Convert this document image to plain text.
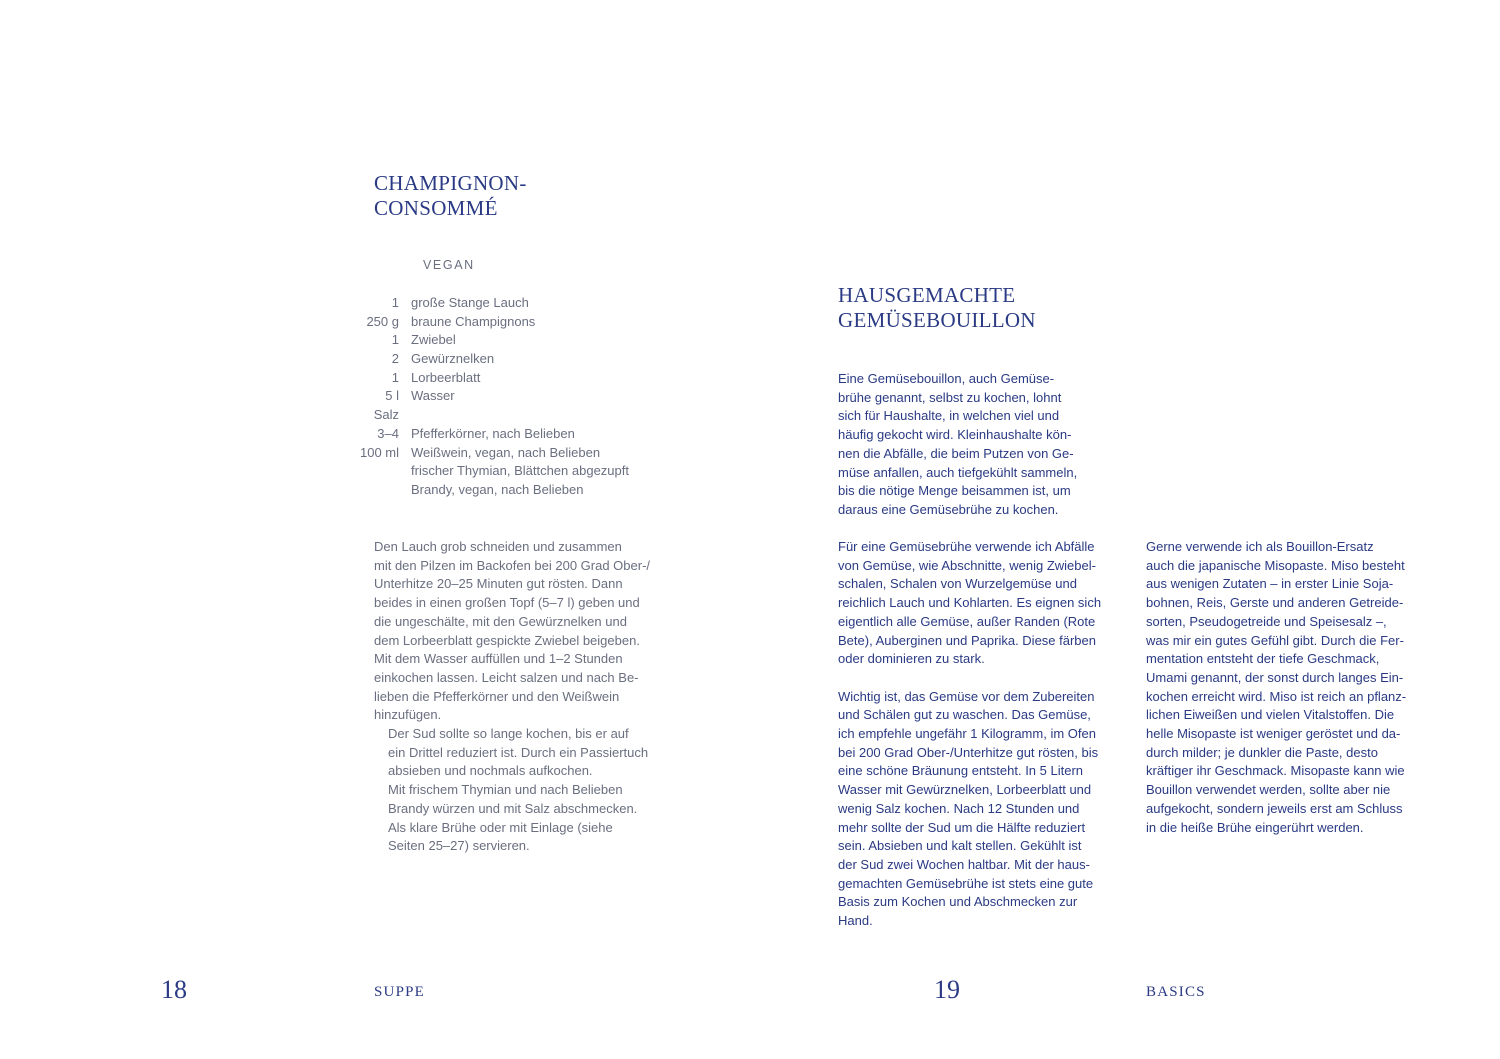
CHAMPIGNON-
CONSOMMÉ
VEGAN
1 große Stange Lauch
250 g braune Champignons
1 Zwiebel
2 Gewürznelken
1 Lorbeerblatt
5 l Wasser
Salz
3–4 Pfefferkörner, nach Belieben
100 ml Weißwein, vegan, nach Belieben
frischer Thymian, Blättchen abgezupft
Brandy, vegan, nach Belieben

Den Lauch grob schneiden und zusammen
mit den Pilzen im Backofen bei 200 Grad Ober-/
Unterhitze 20–25 Minuten gut rösten. Dann
beides in einen großen Topf (5–7 l) geben und
die ungeschälte, mit den Gewürznelken und
dem Lorbeerblatt gespickte Zwiebel beigeben.
Mit dem Wasser auffüllen und 1–2 Stunden
einkochen lassen. Leicht salzen und nach Be-
lieben die Pfefferkörner und den Weißwein
hinzufügen.

Der Sud sollte so lange kochen, bis er auf
ein Drittel reduziert ist. Durch ein Passiertuch
absieben und nochmals aufkochen.

Mit frischem Thymian und nach Belieben
Brandy würzen und mit Salz abschmecken.
Als klare Brühe oder mit Einlage (siehe
Seiten 25–27) servieren.

18	SUPPE
HAUSGEMACHTE
GEMÜSEBOUILLON

Eine Gemüsebouillon, auch Gemüse-
brühe genannt, selbst zu kochen, lohnt
sich für Haushalte, in welchen viel und
häufig gekocht wird. Kleinhaushalte kön-
nen die Abfälle, die beim Putzen von Ge-
müse anfallen, auch tiefgekühlt sammeln,
bis die nötige Menge beisammen ist, um
daraus eine Gemüsebrühe zu kochen.

Für eine Gemüsebrühe verwende ich Abfälle
von Gemüse, wie Abschnitte, wenig Zwiebel-
schalen, Schalen von Wurzelgemüse und
reichlich Lauch und Kohlarten. Es eignen sich
eigentlich alle Gemüse, außer Randen (Rote
Bete), Auberginen und Paprika. Diese färben
oder dominieren zu stark.

Wichtig ist, das Gemüse vor dem Zubereiten
und Schälen gut zu waschen. Das Gemüse,
ich empfehle ungefähr 1 Kilogramm, im Ofen
bei 200 Grad Ober-/Unterhitze gut rösten, bis
eine schöne Bräunung entsteht. In 5 Litern
Wasser mit Gewürznelken, Lorbeerblatt und
wenig Salz kochen. Nach 12 Stunden und
mehr sollte der Sud um die Hälfte reduziert
sein. Absieben und kalt stellen. Gekühlt ist
der Sud zwei Wochen haltbar. Mit der haus-
gemachten Gemüsebrühe ist stets eine gute
Basis zum Kochen und Abschmecken zur
Hand.

Gerne verwende ich als Bouillon-Ersatz
auch die japanische Misopaste. Miso besteht
aus wenigen Zutaten – in erster Linie Soja-
bohnen, Reis, Gerste und anderen Getreide-
sorten, Pseudogetreide und Speisesalz –,
was mir ein gutes Gefühl gibt. Durch die Fer-
mentation entsteht der tiefe Geschmack,
Umami genannt, der sonst durch langes Ein-
kochen erreicht wird. Miso ist reich an pflanz-
lichen Eiweißen und vielen Vitalstoffen. Die
helle Misopaste ist weniger geröstet und da-
durch milder; je dunkler die Paste, desto
kräftiger ihr Geschmack. Misopaste kann wie
Bouillon verwendet werden, sollte aber nie
aufgekocht, sondern jeweils erst am Schluss
in die heiße Brühe eingerührt werden.

19	BASICS
